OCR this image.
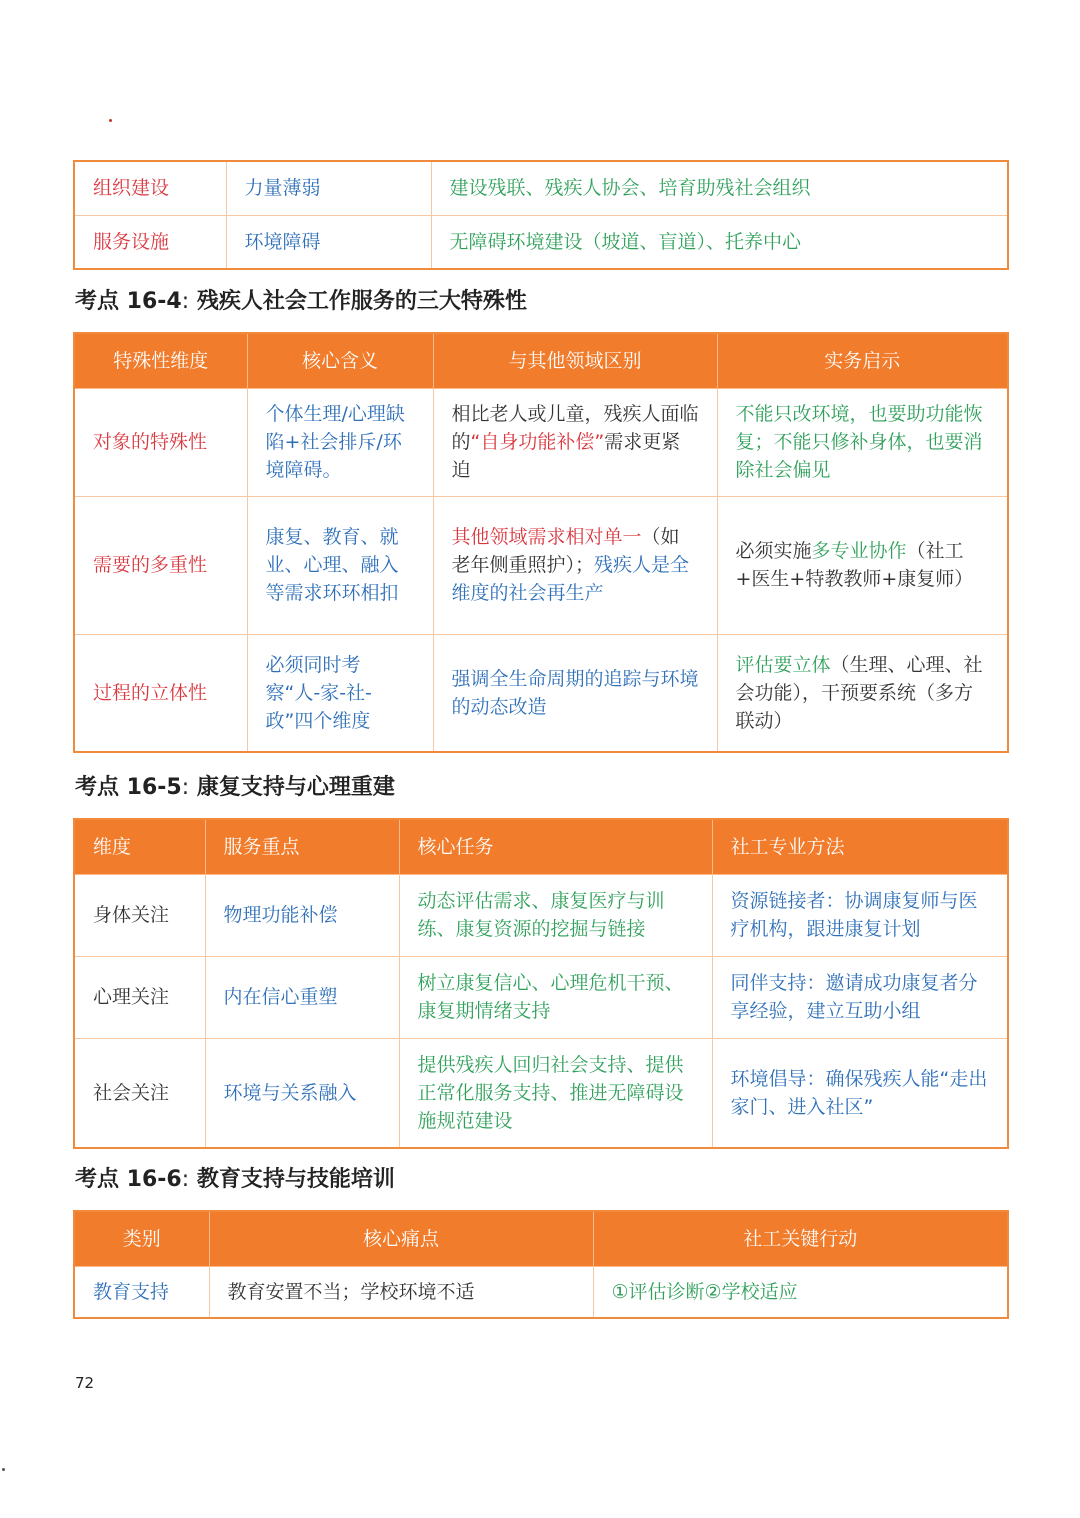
组织建设	力量薄弱	建设残联、残疾人协会、培育助残社会组织
服务设施	环境障碍	无障碍环境建设（坡道、盲道）、托养中心
考点 16-4: 残疾人社会工作服务的三大特殊性
特殊性维度	核心含义	与其他领域区别	实务启示
对象的特殊性	个体生理/心理缺陷+社会排斥/环境障碍。	相比老人或儿童，残疾人面临的“自身功能补偿”需求更紧迫	不能只改环境，也要助功能恢复；不能只修补身体，也要消除社会偏见
需要的多重性	康复、教育、就业、心理、融入等需求环环相扣	其他领域需求相对单一（如老年侧重照护）；残疾人是全维度的社会再生产	必须实施多专业协作（社工+医生+特教教师+康复师）
过程的立体性	必须同时考察“人-家-社-政”四个维度	强调全生命周期的追踪与环境的动态改造	评估要立体（生理、心理、社会功能），干预要系统（多方联动）
考点 16-5: 康复支持与心理重建
维度	服务重点	核心任务	社工专业方法
身体关注	物理功能补偿	动态评估需求、康复医疗与训练、康复资源的挖掘与链接	资源链接者：协调康复师与医疗机构，跟进康复计划
心理关注	内在信心重塑	树立康复信心、心理危机干预、康复期情绪支持	同伴支持：邀请成功康复者分享经验，建立互助小组
社会关注	环境与关系融入	提供残疾人回归社会支持、提供正常化服务支持、推进无障碍设施规范建设	环境倡导：确保残疾人能“走出家门、进入社区”
考点 16-6: 教育支持与技能培训
类别	核心痛点	社工关键行动
教育支持	教育安置不当；学校环境不适	①评估诊断②学校适应
72
